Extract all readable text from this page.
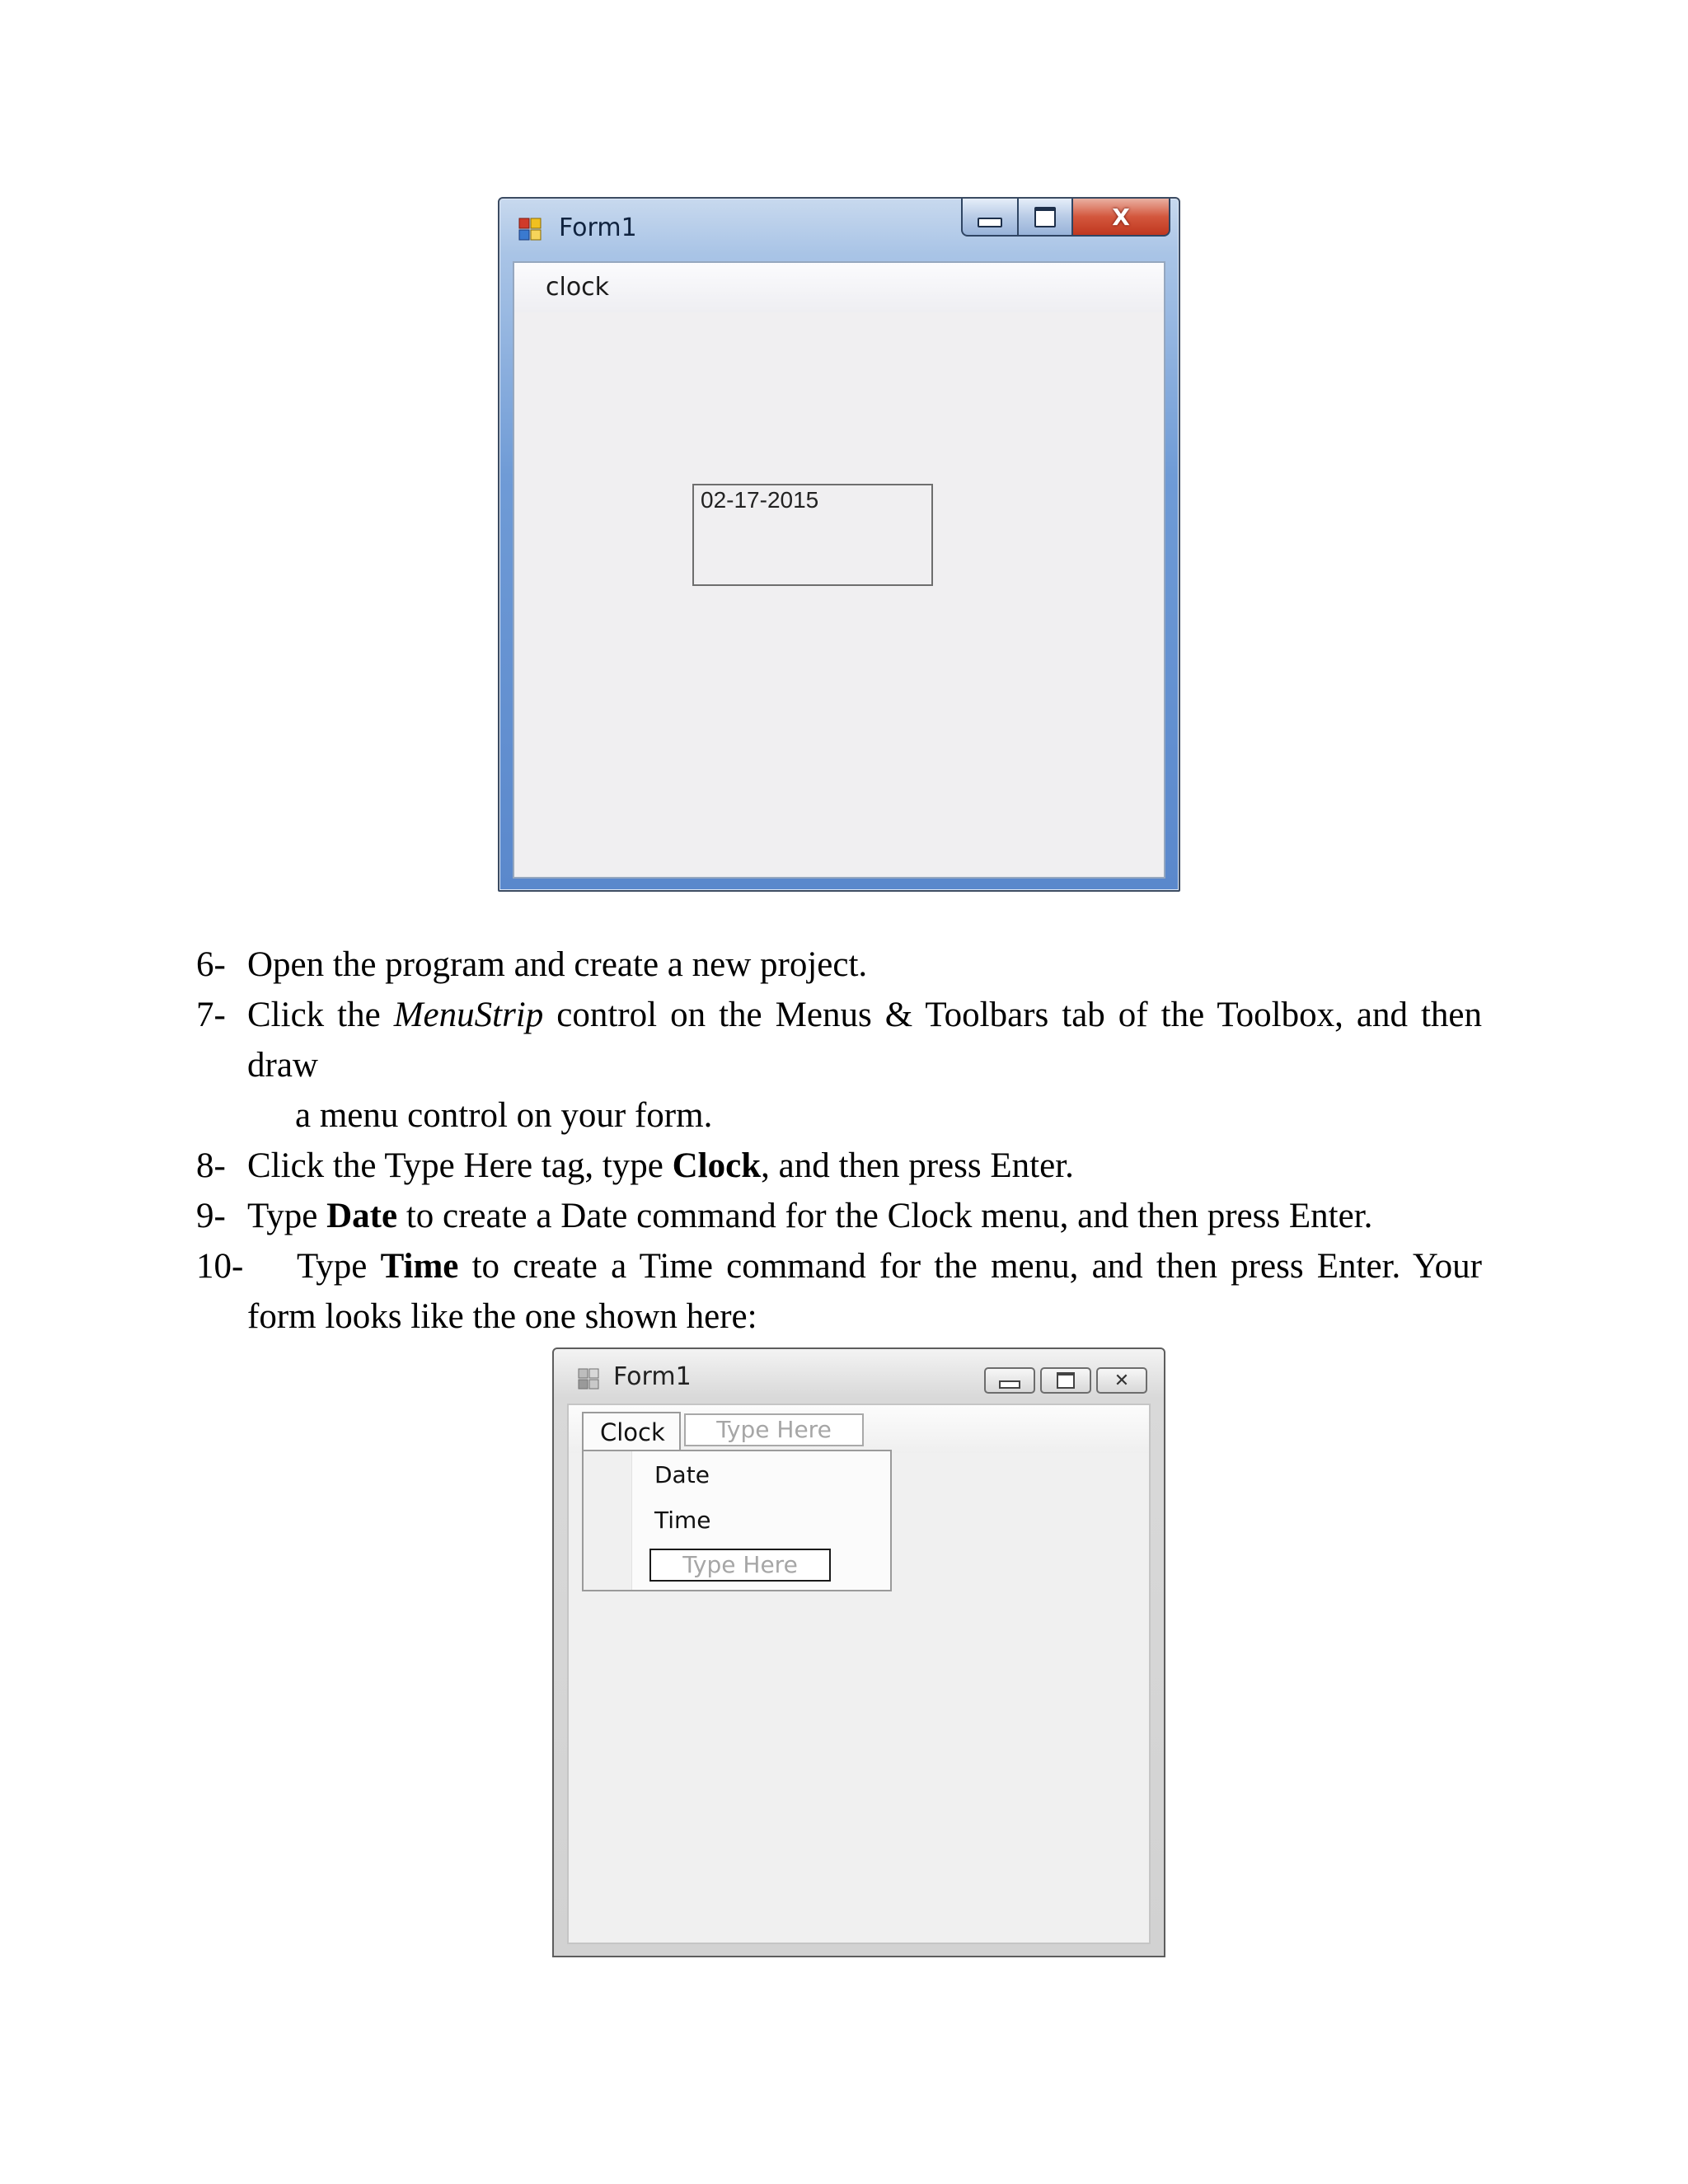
Form1	X
clock
02-17-2015
6- Open the program and create a new project.
7- Click the MenuStrip control on the Menus & Toolbars tab of the Toolbox, and then draw
a menu control on your form.
8- Click the Type Here tag, type Clock, and then press Enter.
9- Type Date to create a Date command for the Clock menu, and then press Enter.
10-	Type Time to create a Time command for the menu, and then press Enter. Your form looks like the one shown here:
Form1	✕
Clock	Type Here
Date
Time
Type Here
